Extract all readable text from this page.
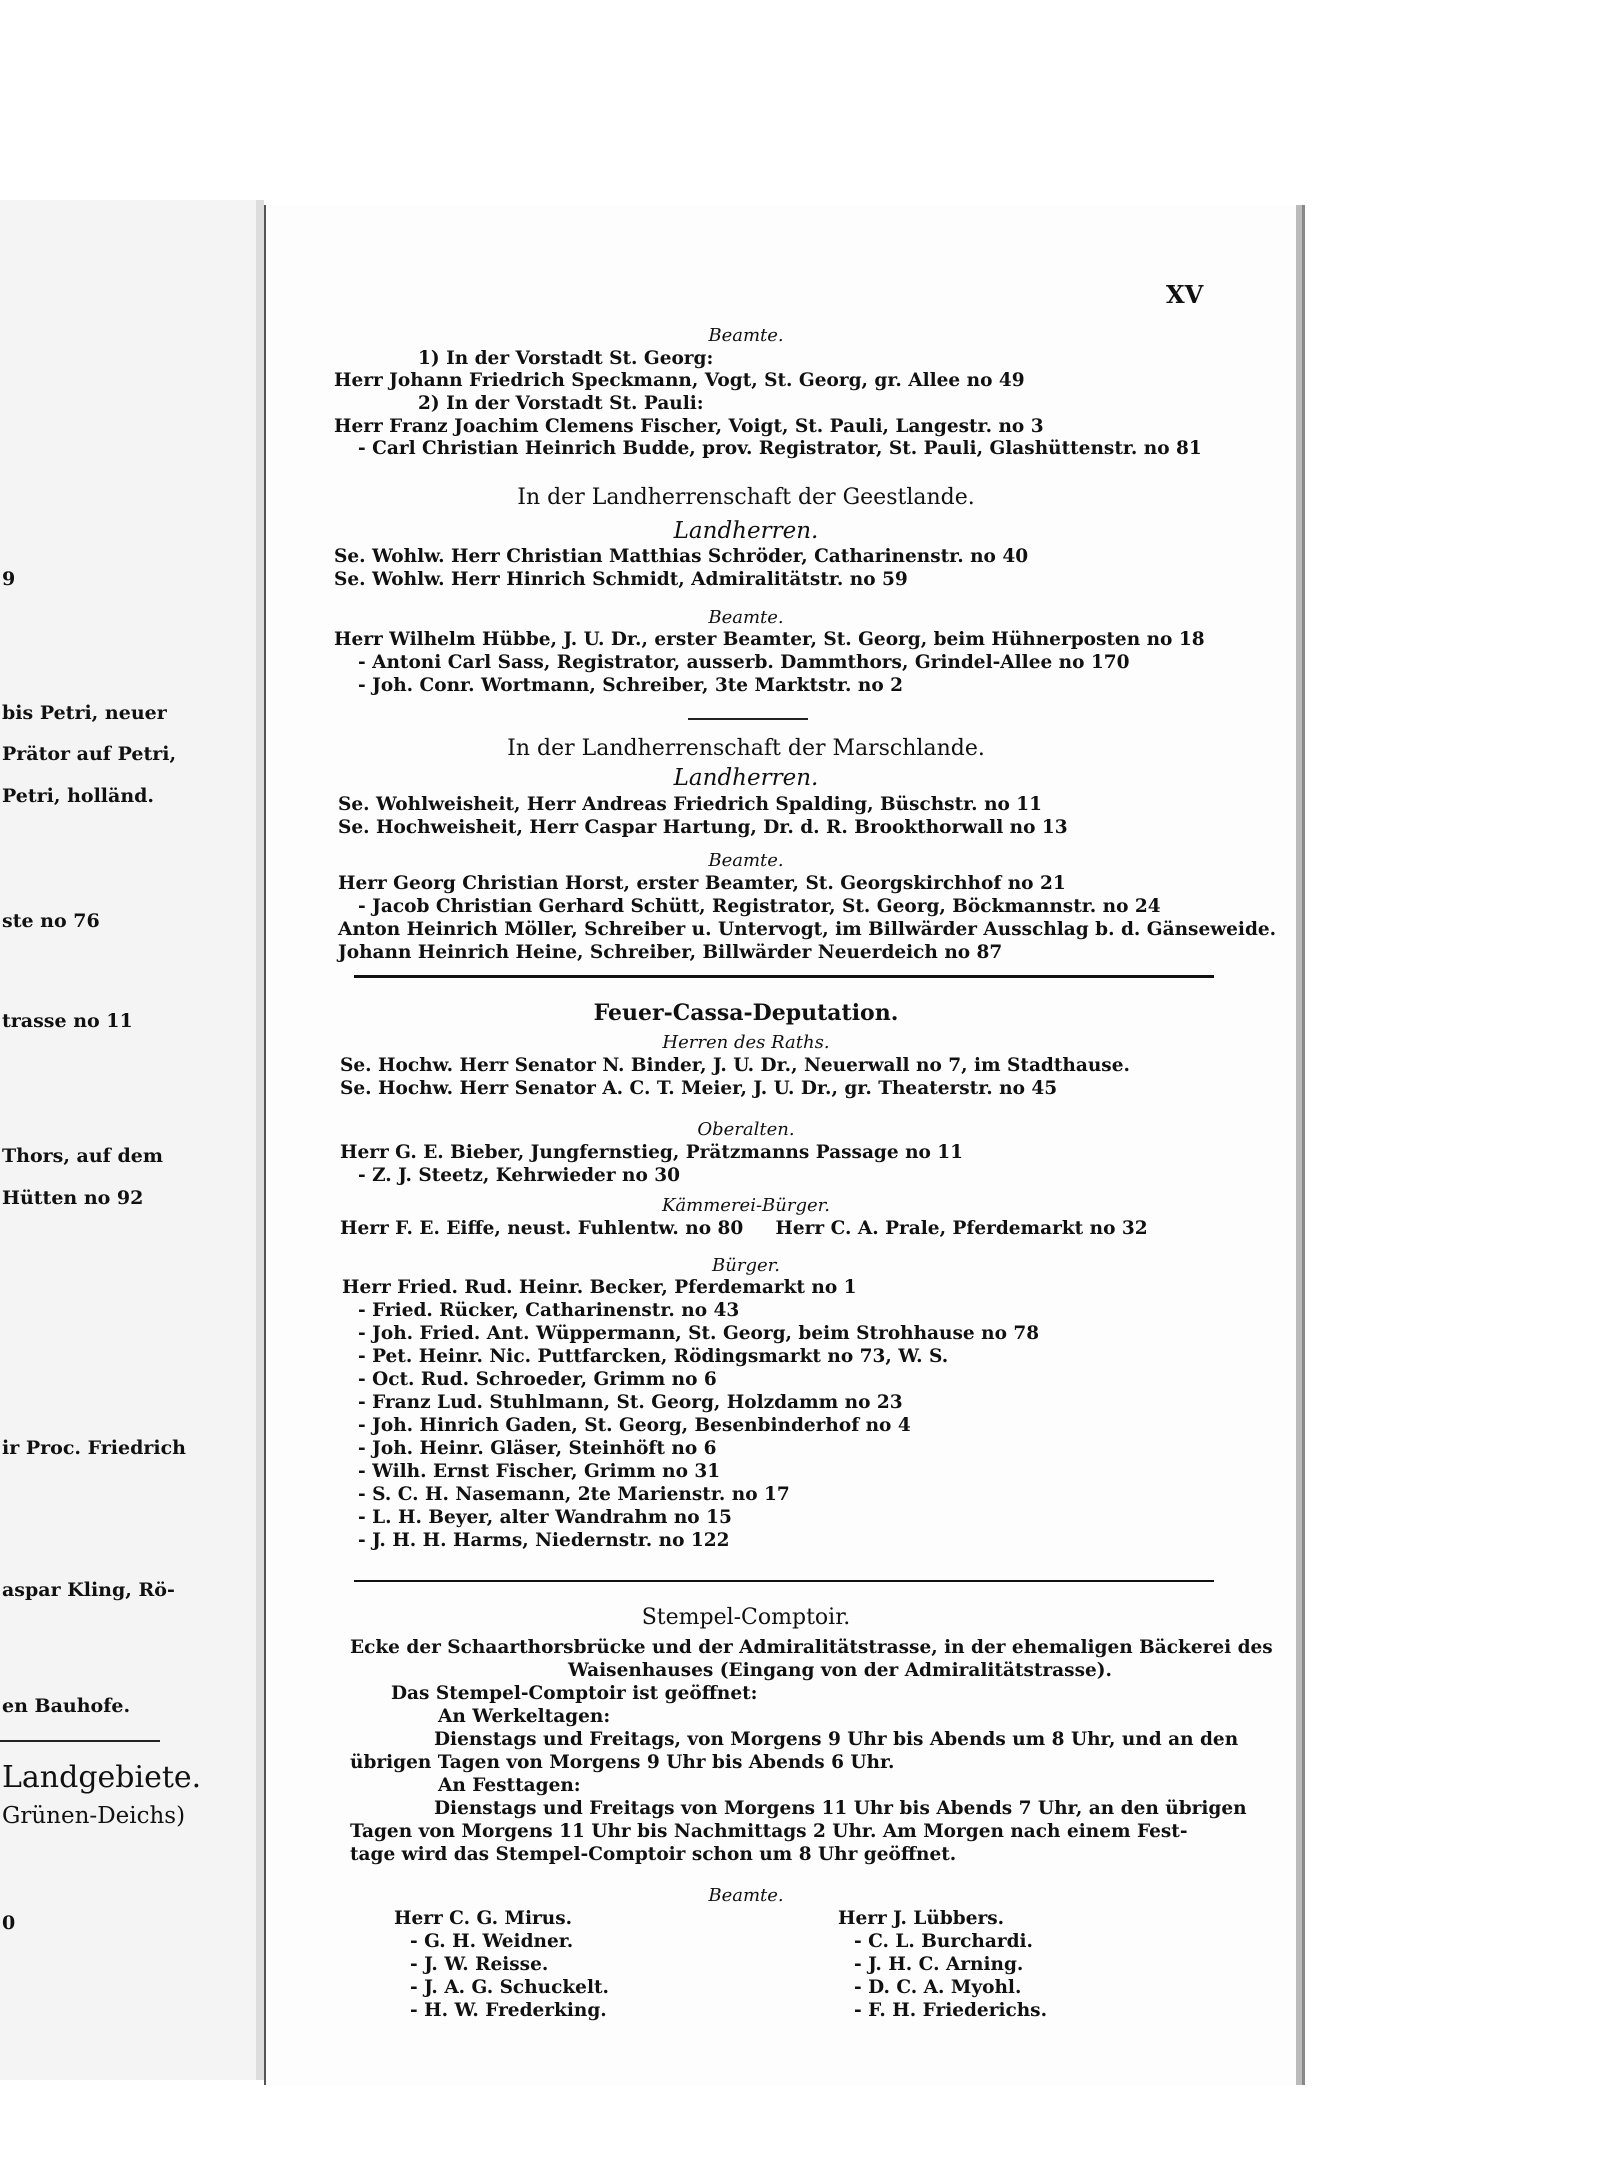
9
bis Petri, neuer
Prätor auf Petri,
Petri, holländ.
ste no 76
trasse no 11
Thors, auf dem
Hütten no 92
ir Proc. Friedrich
aspar Kling, Rö-
en Bauhofe.
Landgebiete.
Grünen-Deichs)
0
XV
Beamte.
1) In der Vorstadt St. Georg:
Herr Johann Friedrich Speckmann, Vogt, St. Georg, gr. Allee no 49
2) In der Vorstadt St. Pauli:
Herr Franz Joachim Clemens Fischer, Voigt, St. Pauli, Langestr. no 3
- Carl Christian Heinrich Budde, prov. Registrator, St. Pauli, Glashüttenstr. no 81
In der Landherrenschaft der Geestlande.
Landherren.
Se. Wohlw. Herr Christian Matthias Schröder, Catharinenstr. no 40
Se. Wohlw. Herr Hinrich Schmidt, Admiralitätstr. no 59
Beamte.
Herr Wilhelm Hübbe, J. U. Dr., erster Beamter, St. Georg, beim Hühnerposten no 18
- Antoni Carl Sass, Registrator, ausserb. Dammthors, Grindel-Allee no 170
- Joh. Conr. Wortmann, Schreiber, 3te Marktstr. no 2
In der Landherrenschaft der Marschlande.
Landherren.
Se. Wohlweisheit, Herr Andreas Friedrich Spalding, Büschstr. no 11
Se. Hochweisheit, Herr Caspar Hartung, Dr. d. R. Brookthorwall no 13
Beamte.
Herr Georg Christian Horst, erster Beamter, St. Georgskirchhof no 21
- Jacob Christian Gerhard Schütt, Registrator, St. Georg, Böckmannstr. no 24
Anton Heinrich Möller, Schreiber u. Untervogt, im Billwärder Ausschlag b. d. Gänseweide.
Johann Heinrich Heine, Schreiber, Billwärder Neuerdeich no 87
Feuer-Cassa-Deputation.
Herren des Raths.
Se. Hochw. Herr Senator N. Binder, J. U. Dr., Neuerwall no 7, im Stadthause.
Se. Hochw. Herr Senator A. C. T. Meier, J. U. Dr., gr. Theaterstr. no 45
Oberalten.
Herr G. E. Bieber, Jungfernstieg, Prätzmanns Passage no 11
- Z. J. Steetz, Kehrwieder no 30
Kämmerei-Bürger.
Herr F. E. Eiffe, neust. Fuhlentw. no 80     Herr C. A. Prale, Pferdemarkt no 32
Bürger.
Herr Fried. Rud. Heinr. Becker, Pferdemarkt no 1
- Fried. Rücker, Catharinenstr. no 43
- Joh. Fried. Ant. Wüppermann, St. Georg, beim Strohhause no 78
- Pet. Heinr. Nic. Puttfarcken, Rödingsmarkt no 73, W. S.
- Oct. Rud. Schroeder, Grimm no 6
- Franz Lud. Stuhlmann, St. Georg, Holzdamm no 23
- Joh. Hinrich Gaden, St. Georg, Besenbinderhof no 4
- Joh. Heinr. Gläser, Steinhöft no 6
- Wilh. Ernst Fischer, Grimm no 31
- S. C. H. Nasemann, 2te Marienstr. no 17
- L. H. Beyer, alter Wandrahm no 15
- J. H. H. Harms, Niedernstr. no 122
Stempel-Comptoir.
Ecke der Schaarthorsbrücke und der Admiralitätstrasse, in der ehemaligen Bäckerei des
Waisenhauses (Eingang von der Admiralitätstrasse).
Das Stempel-Comptoir ist geöffnet:
An Werkeltagen:
Dienstags und Freitags, von Morgens 9 Uhr bis Abends um 8 Uhr, und an den
übrigen Tagen von Morgens 9 Uhr bis Abends 6 Uhr.
An Festtagen:
Dienstags und Freitags von Morgens 11 Uhr bis Abends 7 Uhr, an den übrigen
Tagen von Morgens 11 Uhr bis Nachmittags 2 Uhr. Am Morgen nach einem Fest-
tage wird das Stempel-Comptoir schon um 8 Uhr geöffnet.
Beamte.
Herr C. G. Mirus.
- G. H. Weidner.
- J. W. Reisse.
- J. A. G. Schuckelt.
- H. W. Frederking.
Herr J. Lübbers.
- C. L. Burchardi.
- J. H. C. Arning.
- D. C. A. Myohl.
- F. H. Friederichs.
